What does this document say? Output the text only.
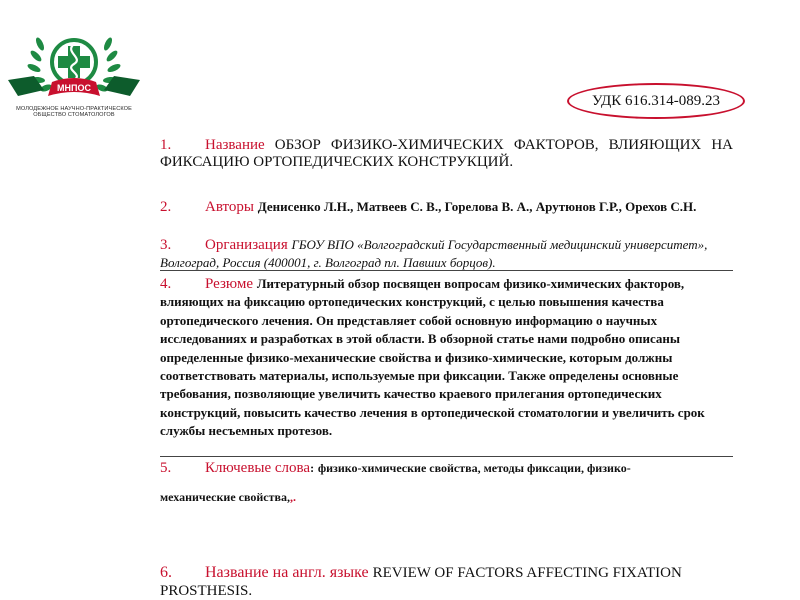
МНПОС
МОЛОДЕЖНОЕ НАУЧНО-ПРАКТИЧЕСКОЕ
ОБЩЕСТВО СТОМАТОЛОГОВ
УДК 616.314-089.23
1. Название ОБЗОР ФИЗИКО-ХИМИЧЕСКИХ ФАКТОРОВ, ВЛИЯЮЩИХ НА ФИКСАЦИЮ ОРТОПЕДИЧЕСКИХ КОНСТРУКЦИЙ.
2. Авторы Денисенко Л.Н., Матвеев С. В., Горелова В. А., Арутюнов Г.Р., Орехов С.Н.
3. Организация ГБОУ ВПО «Волгоградский Государственный медицинский университет», Волгоград, Россия (400001, г. Волгоград пл. Павших борцов).
4. Резюме Литературный обзор посвящен вопросам физико-химических факторов, влияющих на фиксацию ортопедических конструкций, с целью повышения качества ортопедического лечения. Он представляет собой основную информацию о научных исследованиях и разработках в этой области. В обзорной статье нами подробно описаны определенные физико-механические свойства и физико-химические, которым должны соответствовать материалы, используемые при фиксации. Также определены основные требования, позволяющие увеличить качество краевого прилегания ортопедических конструкций, повысить качество лечения в ортопедической стоматологии и увеличить срок службы несъемных протезов.
5. Ключевые слова: физико-химические свойства, методы фиксации, физико-
механические свойства,,.
6. Название на англ. языке REVIEW OF FACTORS AFFECTING FIXATION PROSTHESIS.
